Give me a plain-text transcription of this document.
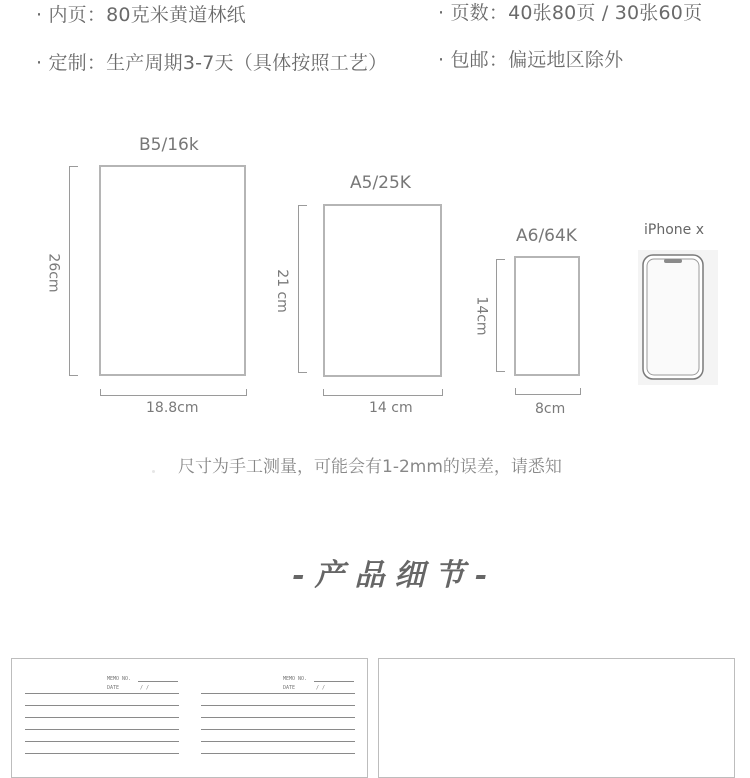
· 内页：80克米黄道林纸	· 页数：40张80页 / 30张60页
· 定制：生产周期3-7天（具体按照工艺）	· 包邮：偏远地区除外
B5/16k
26cm
18.8cm
A5/25K
21 cm
14 cm
A6/64K
14cm
8cm
iPhone x
尺寸为手工测量，可能会有1-2mm的误差，请悉知
-产品细节-
MEMO NO.
DATE	/ /
MEMO NO.
DATE	/ /
